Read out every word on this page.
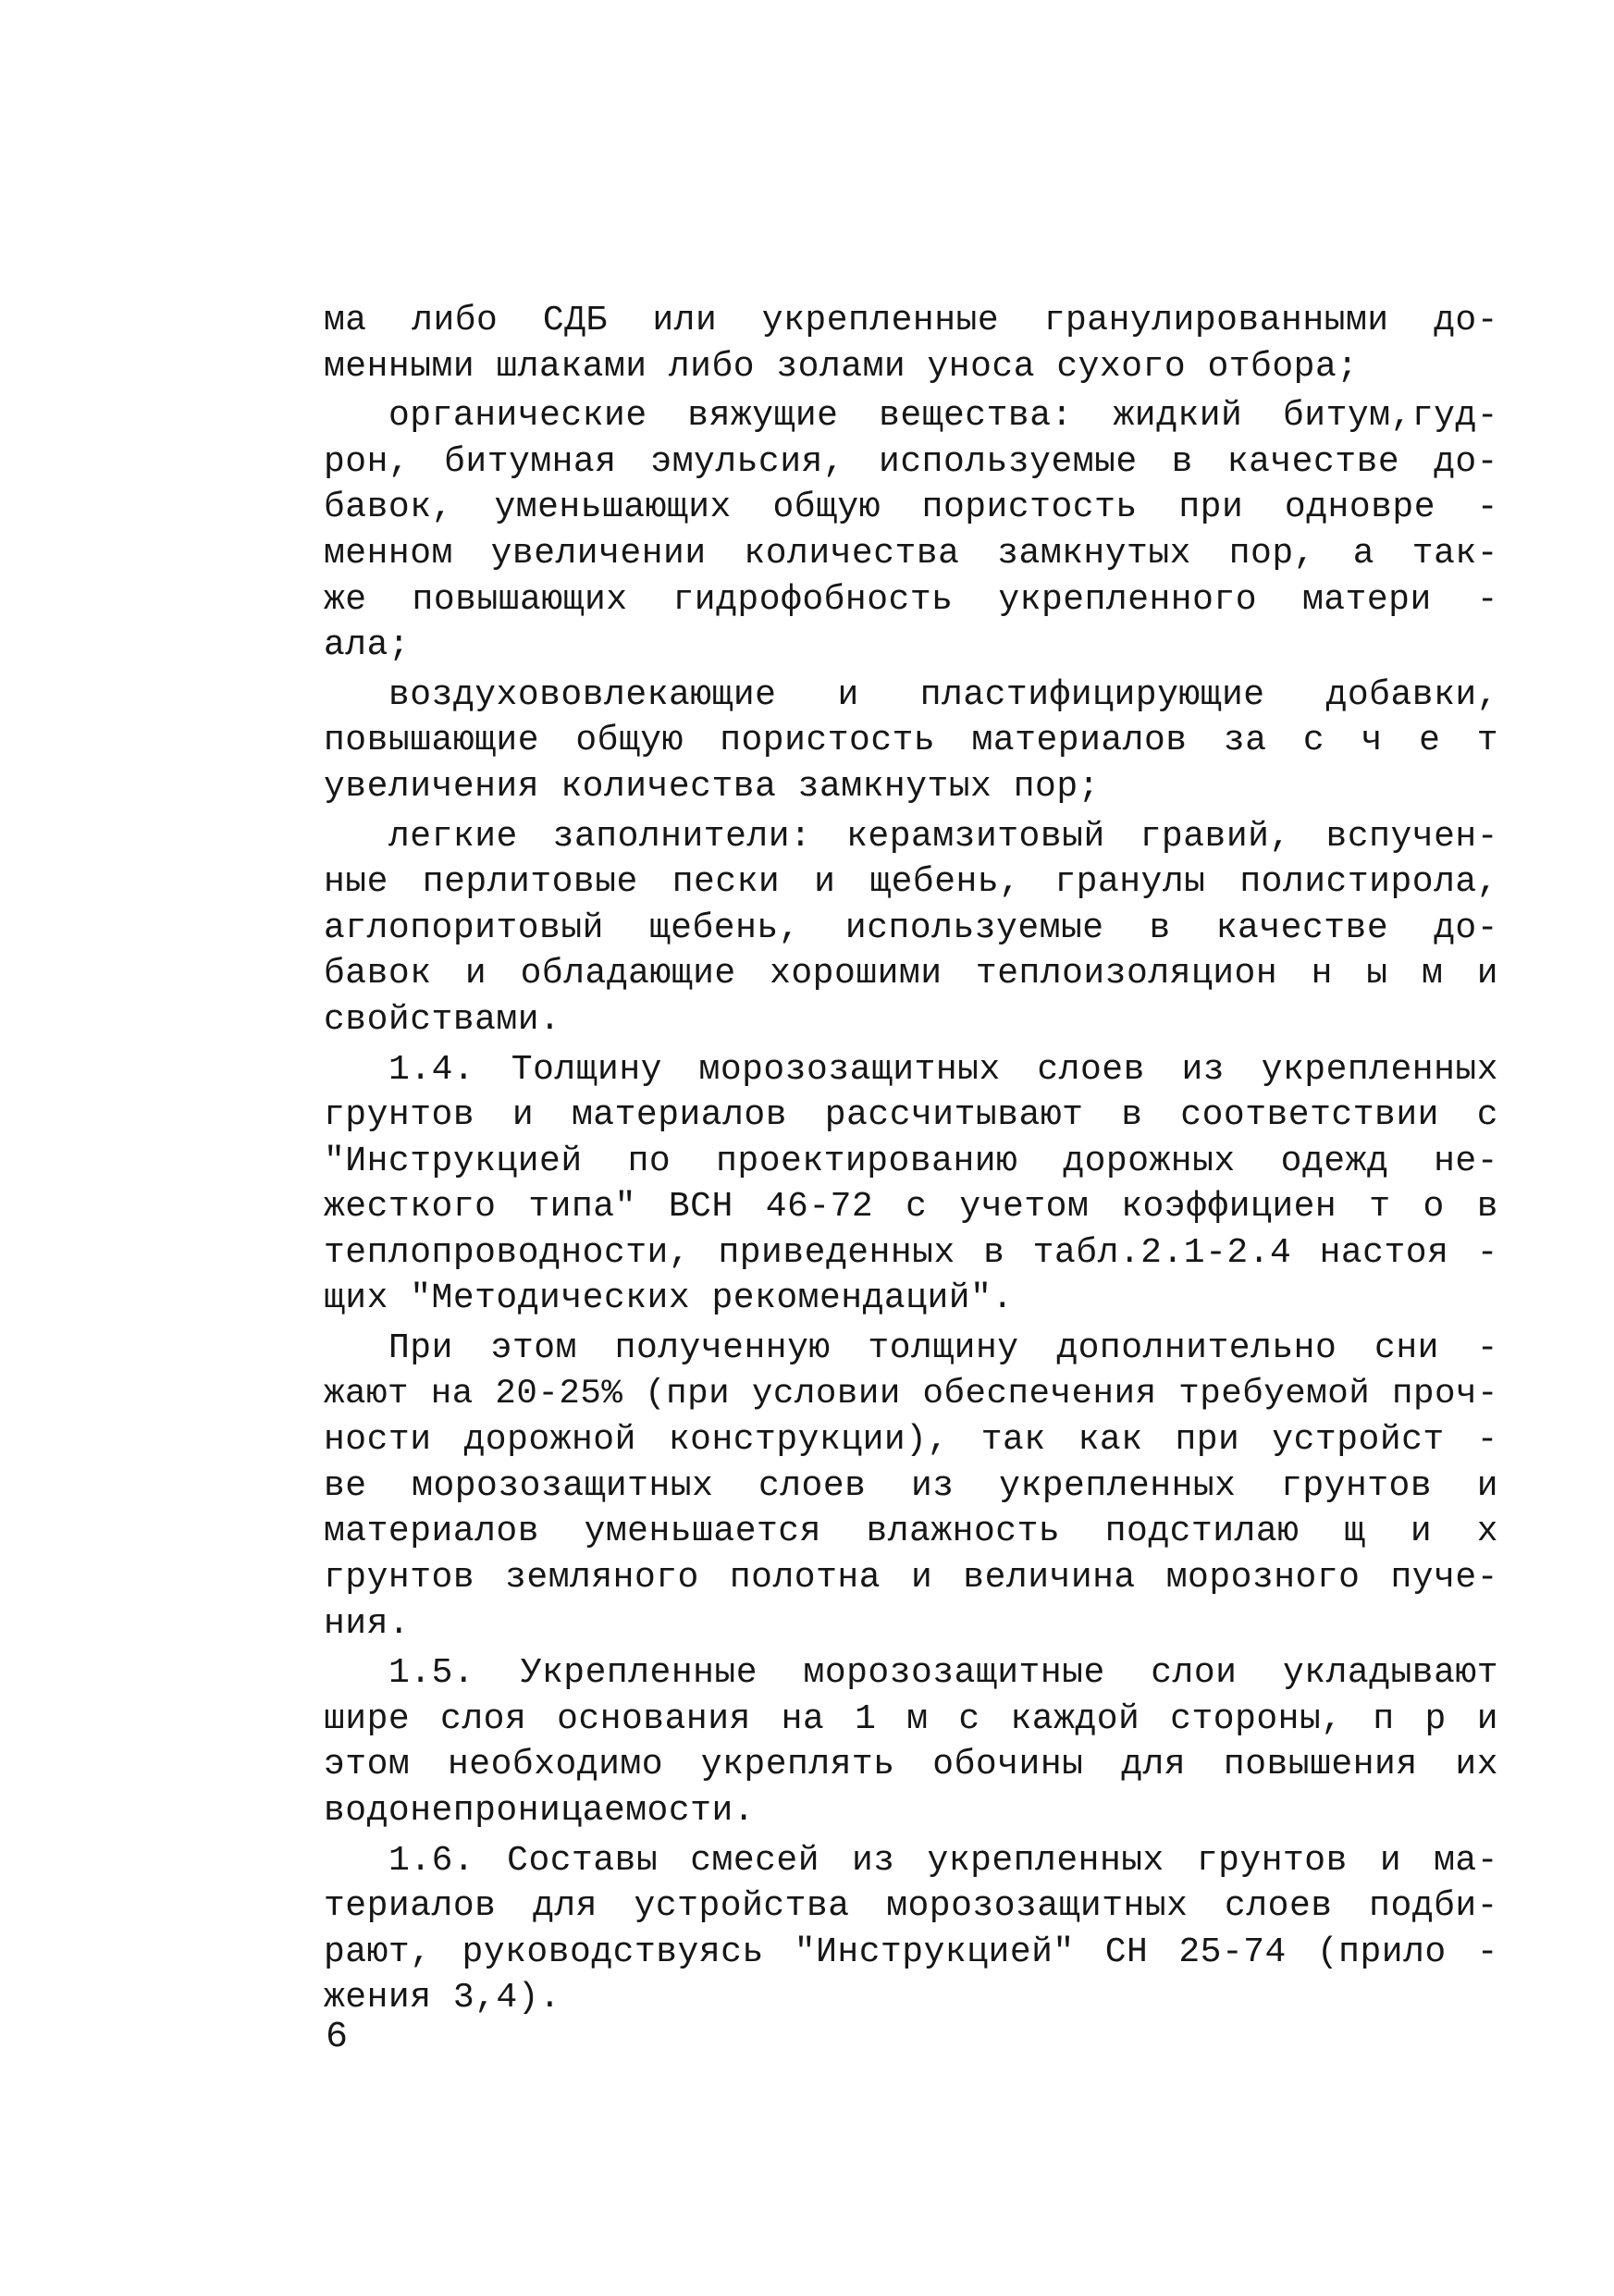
ма либо СДБ или укрепленные гранулированными до-
менными шлаками либо золами уноса сухого отбора;
органические вяжущие вещества: жидкий битум,гуд-
рон, битумная эмульсия, используемые в качестве до-
бавок, уменьшающих общую пористость при одновре -
менном увеличении количества замкнутых пор, а так-
же повышающих гидрофобность укрепленного матери -
ала;
воздухововлекающие и пластифицирующие добавки,
повышающие общую пористость материалов за с ч е т
увеличения количества замкнутых пор;
легкие заполнители: керамзитовый гравий, вспучен-
ные перлитовые пески и щебень, гранулы полистирола,
аглопоритовый щебень, используемые в качестве до-
бавок и обладающие хорошими теплоизоляцион н ы м и
свойствами.
1.4. Толщину морозозащитных слоев из укрепленных
грунтов и материалов рассчитывают в соответствии с
"Инструкцией по проектированию дорожных одежд не-
жесткого типа" ВСН 46-72 с учетом коэффициен т о в
теплопроводности, приведенных в табл.2.1-2.4 настоя -
щих "Методических рекомендаций".
При этом полученную толщину дополнительно сни -
жают на 20-25% (при условии обеспечения требуемой проч-
ности дорожной конструкции), так как при устройст -
ве морозозащитных слоев из укрепленных грунтов и
материалов уменьшается влажность подстилаю щ и х
грунтов земляного полотна и величина морозного пуче-
ния.
1.5. Укрепленные морозозащитные слои укладывают
шире слоя основания на 1 м с каждой стороны, п р и
этом необходимо укреплять обочины для повышения их
водонепроницаемости.
1.6. Составы смесей из укрепленных грунтов и ма-
териалов для устройства морозозащитных слоев подби-
рают, руководствуясь "Инструкцией" СН 25-74 (прило -
жения 3,4).
6
